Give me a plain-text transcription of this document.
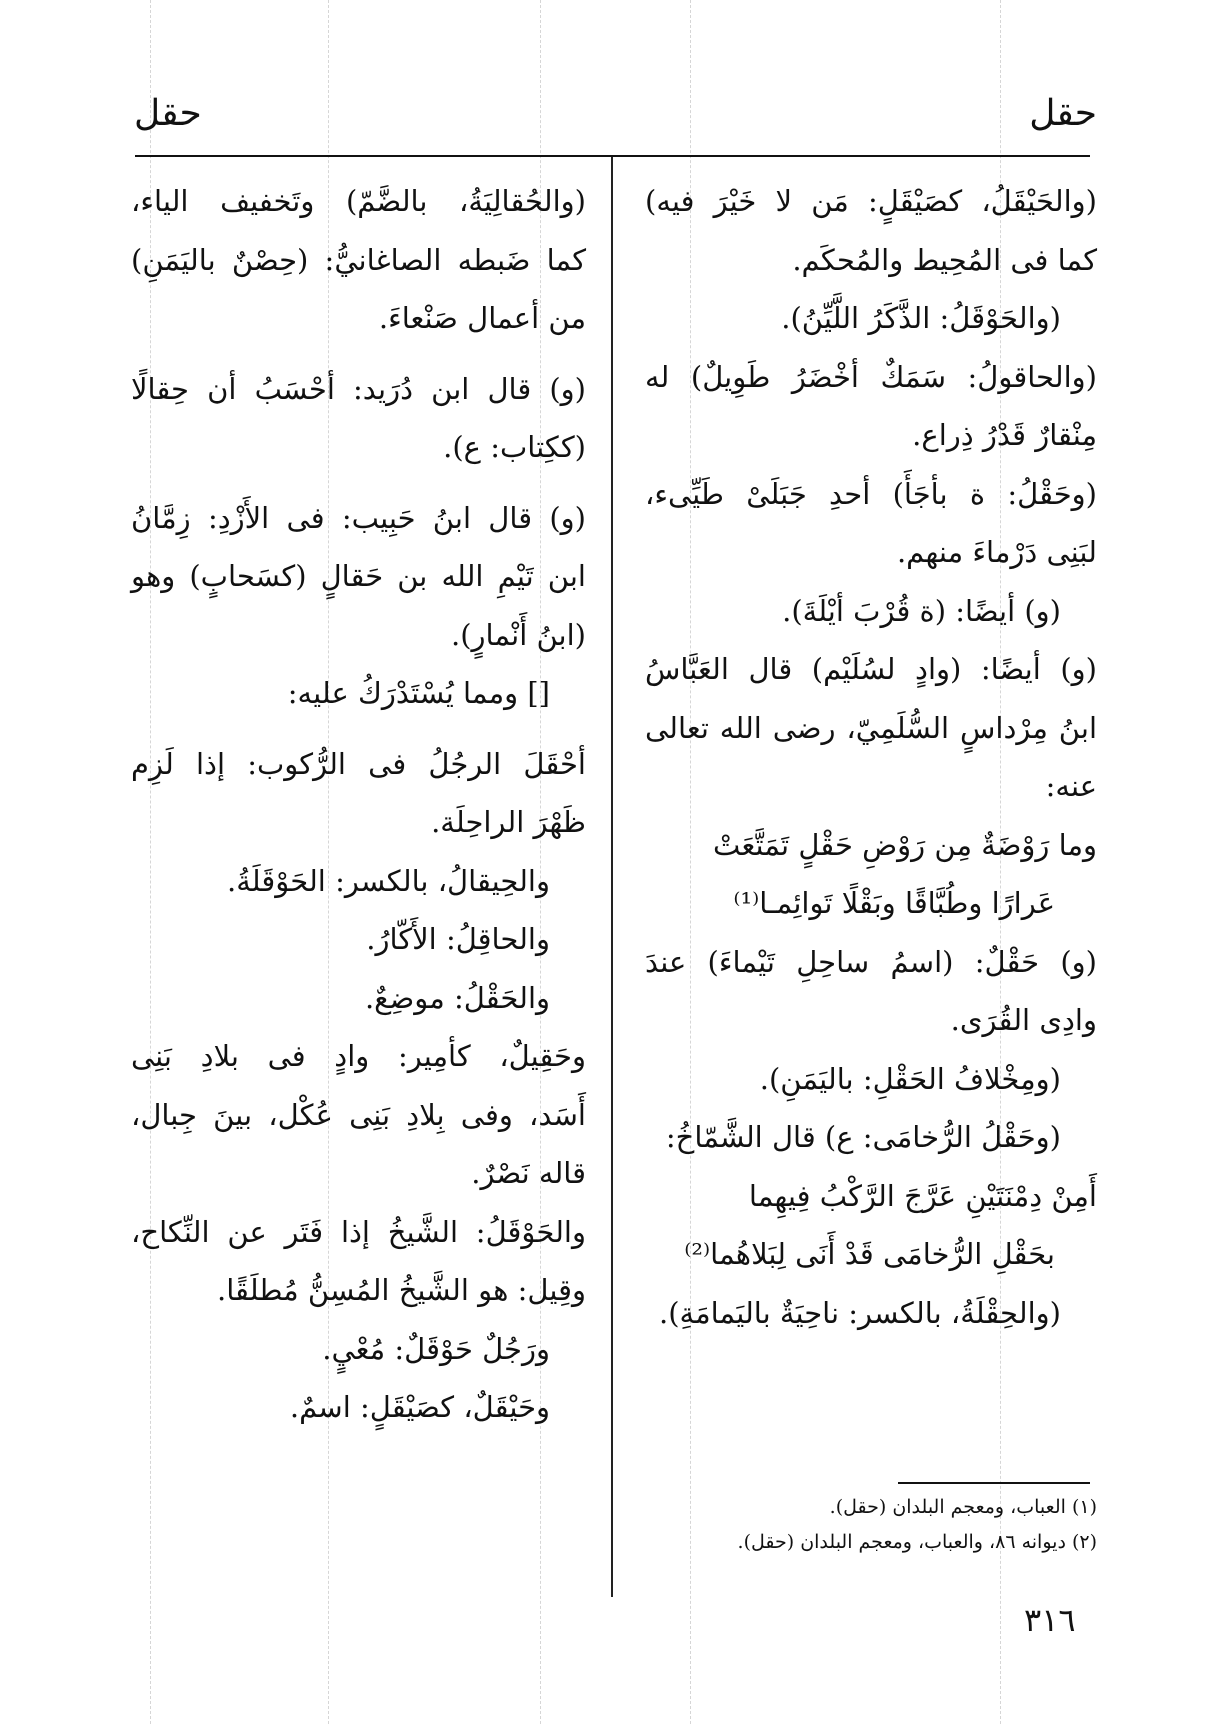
حقل
حقل

(والحَيْقَلُ، كصَيْقَلٍ: مَن لا خَيْرَ فيه)

كما فى المُحِيط والمُحكَم.

(والحَوْقَلُ: الذَّكَرُ اللَّيِّنُ).

(والحاقولُ: سَمَكٌ أخْضَرُ طَوِيلٌ) له

مِنْقارٌ قَدْرُ ذِراع.

(وحَقْلُ: ة بأجَأَ) أحدِ جَبَلَىْ طَيِّىء،

لبَنِى دَرْماءَ منهم.

(و) أيضًا: (ة قُرْبَ أيْلَةَ).

(و) أيضًا: (وادٍ لسُلَيْم) قال العَبَّاسُ

ابنُ مِرْداسٍ السُّلَمِيّ، رضى الله تعالى

عنه:

وما رَوْضَةٌ مِن رَوْضِ حَقْلٍ تَمَتَّعَتْ

عَرارًا وطُبَّاقًا وبَقْلًا تَوائِمـا⁽¹⁾

(و) حَقْلٌ: (اسمُ ساحِلِ تَيْماءَ) عندَ

وادِى القُرَى.

(ومِخْلافُ الحَقْلِ: باليَمَنِ).

(وحَقْلُ الرُّخامَى: ع) قال الشَّمّاخُ:

أَمِنْ دِمْنَتَيْنِ عَرَّجَ الرَّكْبُ فِيهِما

بحَقْلِ الرُّخامَى قَدْ أَنَى لِبَلاهُما⁽²⁾

(والحِقْلَةُ، بالكسر: ناحِيَةٌ باليَمامَةِ).

(والحُقالِيَةُ، بالضَّمّ) وتَخفيف الياء،

كما ضَبطه الصاغانيُّ: (حِصْنٌ باليَمَنِ)

من أعمال صَنْعاءَ.

(و) قال ابن دُرَيد: أحْسَبُ أن حِقالًا

(ككِتاب: ع).

(و) قال ابنُ حَبِيب: فى الأَزْدِ: زِمَّانُ

ابن تَيْمِ الله بن حَقالٍ (كسَحابٍ) وهو

(ابنُ أَنْمارٍ).

[] ومما يُسْتَدْرَكُ عليه:

أحْقَلَ الرجُلُ فى الرُّكوب: إذا لَزِم

ظَهْرَ الراحِلَة.

والحِيقالُ، بالكسر: الحَوْقَلَةُ.

والحاقِلُ: الأَكّارُ.

والحَقْلُ: موضِعٌ.

وحَقِيلٌ، كأمِير: وادٍ فى بلادِ بَنِى

أَسَد، وفى بِلادِ بَنِى عُكْل، بينَ جِبال،

قاله نَصْرٌ.

والحَوْقَلُ: الشَّيخُ إذا فَتَر عن النِّكاح،

وقِيل: هو الشَّيخُ المُسِنُّ مُطلَقًا.

ورَجُلٌ حَوْقَلٌ: مُعْيٍ.

وحَيْقَلٌ، كصَيْقَلٍ: اسمٌ.

(١) العباب، ومعجم البلدان (حقل).

(٢) ديوانه ٨٦، والعباب، ومعجم البلدان (حقل).

٣١٦
